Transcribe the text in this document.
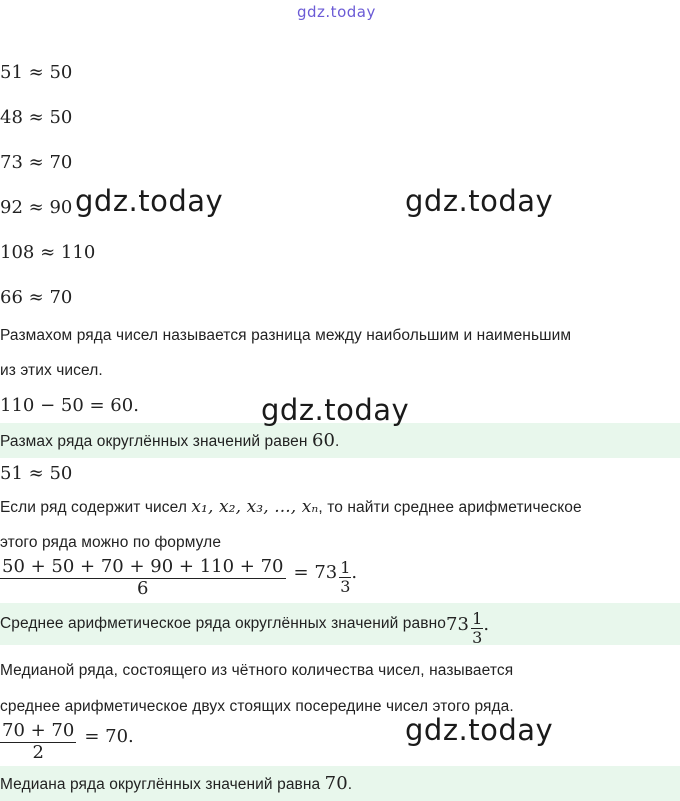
gdz.today
51 ≈ 50
48 ≈ 50
73 ≈ 70
92 ≈ 90
108 ≈ 110
66 ≈ 70
gdz.today	gdz.today
gdz.today
gdz.today
Размахом ряда чисел называется разница между наибольшим и наименьшим
из этих чисел.
110 − 50 = 60.
Размах ряда округлённых значений равен 60.
51 ≈ 50
Если ряд содержит чисел x₁, x₂, x₃, ..., xₙ, то найти среднее арифметическое
этого ряда можно по формуле
$\frac{50 + 50 + 70 + 90 + 110 + 70}{6} = 73 \frac{1}{3}$ .
Среднее арифметическое ряда округлённых значений равно $73 \frac{1}{3}$ .
Медианой ряда, состоящего из чётного количества чисел, называется
среднее арифметическое двух стоящих посередине чисел этого ряда.
$\frac{70 + 70}{2} = 70$.
Медиана ряда округлённых значений равна 70.
